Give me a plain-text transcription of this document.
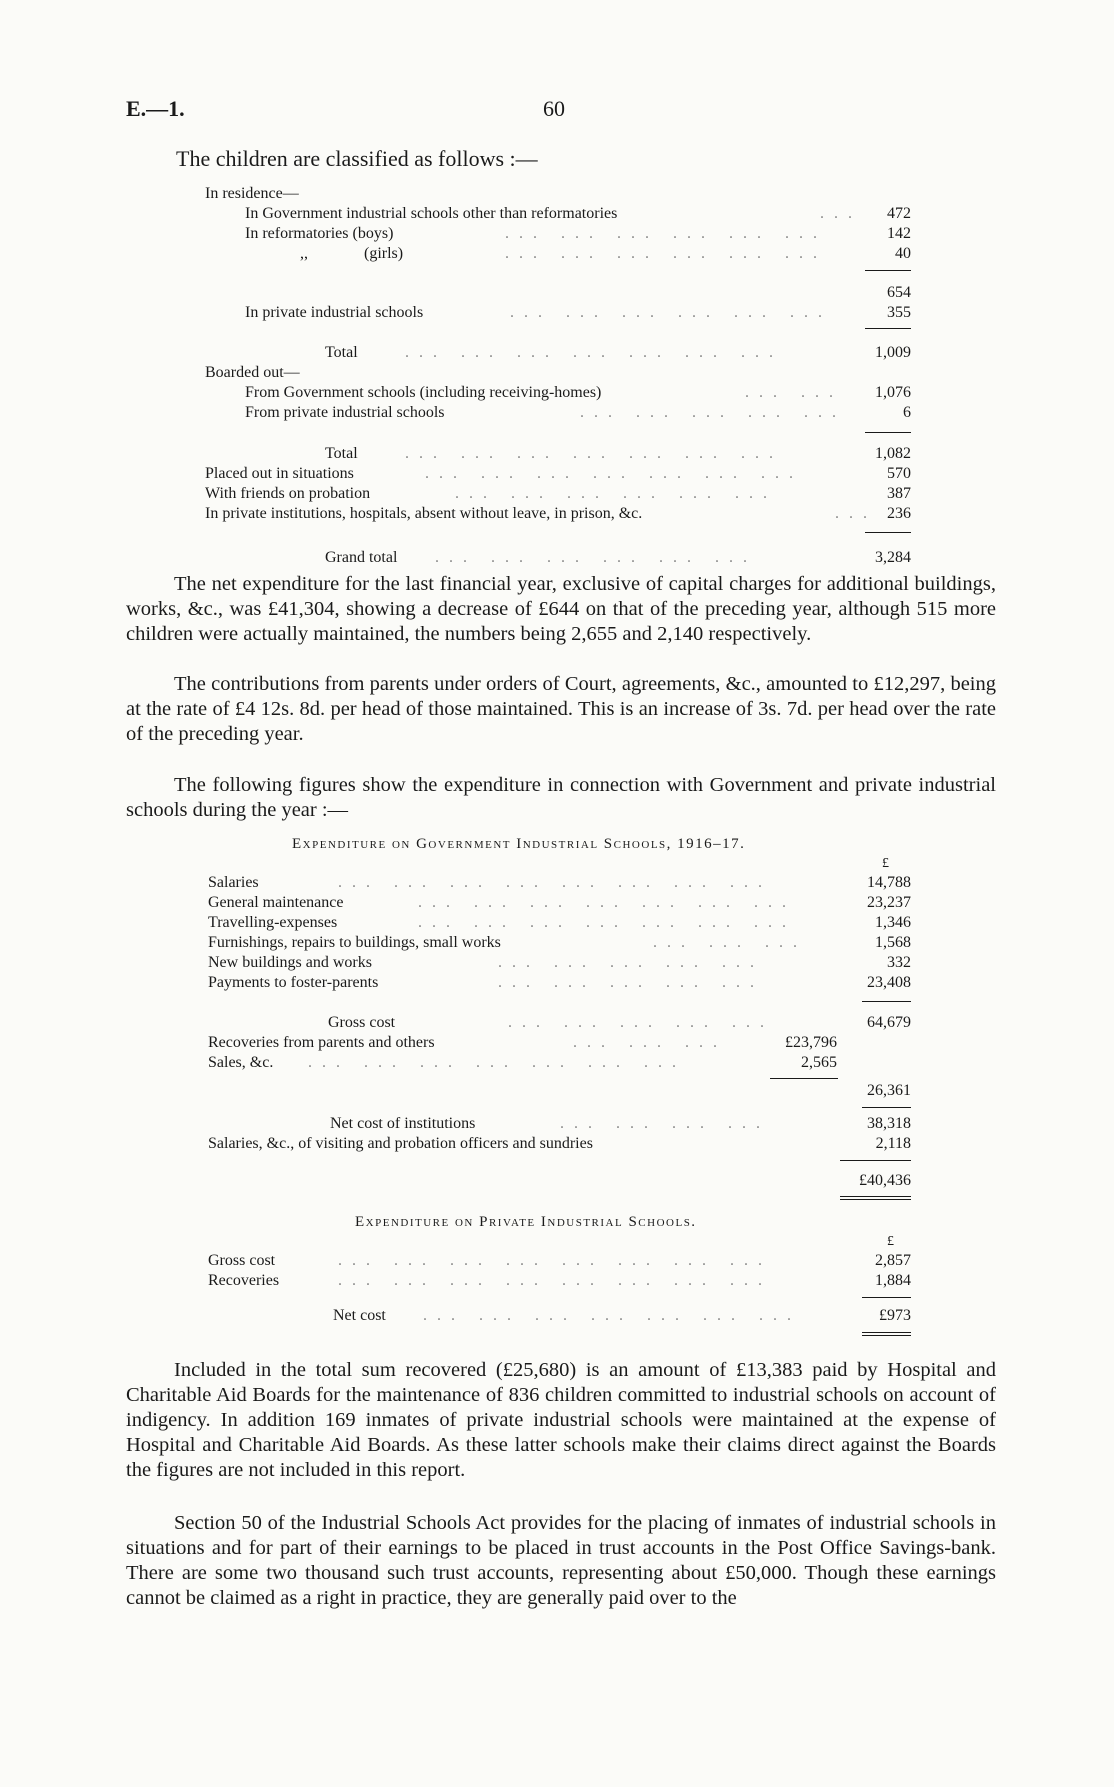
E.—1.	60
The children are classified as follows :—
In residence—
In Government industrial schools other than reformatories	... 472
In reformatories (boys)	... ... ... ... ... ...	142
,,              (girls)	... ... ... ... ... ...	40
654
In private industrial schools	... ... ... ... ... ...	355
Total	... ... ... ... ... ... ...	1,009
Boarded out—
From Government schools (including receiving-homes)	... ...	1,076
From private industrial schools	... ... ... ... ...	6
Total	... ... ... ... ... ... ...	1,082
Placed out in situations	... ... ... ... ... ... ...	570
With friends on probation	... ... ... ... ... ...	387
In private institutions, hospitals, absent without leave, in prison, &c.	... 236
Grand total ... ... ... ... ... ...	3,284
The net expenditure for the last financial year, exclusive of capital charges for additional buildings, works, &c., was £41,304, showing a decrease of £644 on that of the preceding year, although 515 more children were actually maintained, the numbers being 2,655 and 2,140 respectively.
The contributions from parents under orders of Court, agreements, &c., amounted to £12,297, being at the rate of £4 12s. 8d. per head of those maintained. This is an increase of 3s. 7d. per head over the rate of the preceding year.
The following figures show the expenditure in connection with Government and private industrial schools during the year :—
Expenditure on Government Industrial Schools, 1916–17.
£
Salaries	... ... ... ... ... ... ... ...	14,788
General maintenance	... ... ... ... ... ... ...	23,237
Travelling-expenses	... ... ... ... ... ... ...	1,346
Furnishings, repairs to buildings, small works	... ... ...	1,568
New buildings and works	... ... ... ... ...	332
Payments to foster-parents	... ... ... ... ...	23,408
Gross cost	... ... ... ... ...	64,679
Recoveries from parents and others	... ... ...	£23,796
Sales, &c. ... ... ... ... ... ... ...	2,565
26,361
Net cost of institutions	... ... ... ...	38,318
Salaries, &c., of visiting and probation officers and sundries	2,118
£40,436
Expenditure on Private Industrial Schools.
£
Gross cost	... ... ... ... ... ... ... ...	2,857
Recoveries	... ... ... ... ... ... ... ...	1,884
Net cost ... ... ... ... ... ... ...	£973
Included in the total sum recovered (£25,680) is an amount of £13,383 paid by Hospital and Charitable Aid Boards for the maintenance of 836 children committed to industrial schools on account of indigency. In addition 169 inmates of private industrial schools were maintained at the expense of Hospital and Charitable Aid Boards. As these latter schools make their claims direct against the Boards the figures are not included in this report.
Section 50 of the Industrial Schools Act provides for the placing of inmates of industrial schools in situations and for part of their earnings to be placed in trust accounts in the Post Office Savings-bank. There are some two thousand such trust accounts, representing about £50,000. Though these earnings cannot be claimed as a right in practice, they are generally paid over to the
